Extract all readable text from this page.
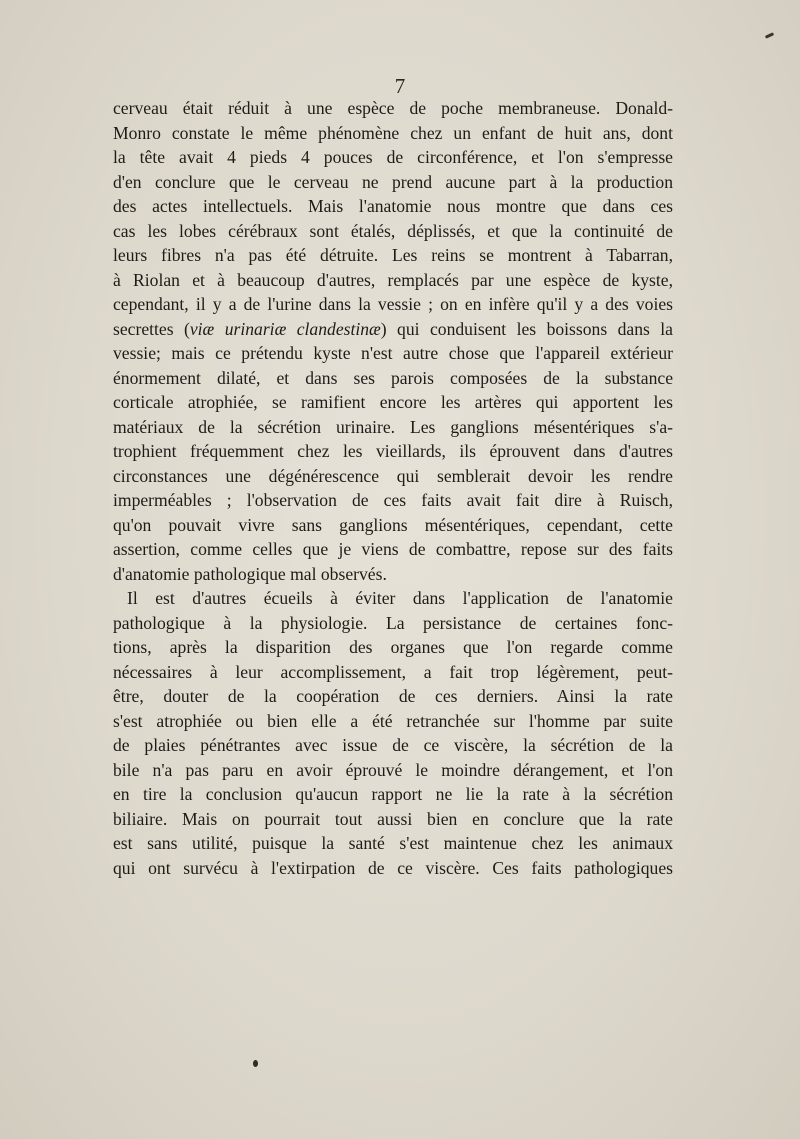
7
cerveau était réduit à une espèce de poche membraneuse. Donald-
Monro constate le même phénomène chez un enfant de huit ans, dont
la tête avait 4 pieds 4 pouces de circonférence, et l'on s'empresse
d'en conclure que le cerveau ne prend aucune part à la production
des actes intellectuels. Mais l'anatomie nous montre que dans ces
cas les lobes cérébraux sont étalés, déplissés, et que la continuité de
leurs fibres n'a pas été détruite. Les reins se montrent à Tabarran,
à Riolan et à beaucoup d'autres, remplacés par une espèce de kyste,
cependant, il y a de l'urine dans la vessie ; on en infère qu'il y a des voies
secrettes (viæ urinariæ clandestinæ) qui conduisent les boissons dans la
vessie; mais ce prétendu kyste n'est autre chose que l'appareil extérieur
énormement dilaté, et dans ses parois composées de la substance
corticale atrophiée, se ramifient encore les artères qui apportent les
matériaux de la sécrétion urinaire. Les ganglions mésentériques s'a-
trophient fréquemment chez les vieillards, ils éprouvent dans d'autres
circonstances une dégénérescence qui semblerait devoir les rendre
imperméables ; l'observation de ces faits avait fait dire à Ruisch,
qu'on pouvait vivre sans ganglions mésentériques, cependant, cette
assertion, comme celles que je viens de combattre, repose sur des faits
d'anatomie pathologique mal observés.
Il est d'autres écueils à éviter dans l'application de l'anatomie
pathologique à la physiologie. La persistance de certaines fonc-
tions, après la disparition des organes que l'on regarde comme
nécessaires à leur accomplissement, a fait trop légèrement, peut-
être, douter de la coopération de ces derniers. Ainsi la rate
s'est atrophiée ou bien elle a été retranchée sur l'homme par suite
de plaies pénétrantes avec issue de ce viscère, la sécrétion de la
bile n'a pas paru en avoir éprouvé le moindre dérangement, et l'on
en tire la conclusion qu'aucun rapport ne lie la rate à la sécrétion
biliaire. Mais on pourrait tout aussi bien en conclure que la rate
est sans utilité, puisque la santé s'est maintenue chez les animaux
qui ont survécu à l'extirpation de ce viscère. Ces faits pathologiques
